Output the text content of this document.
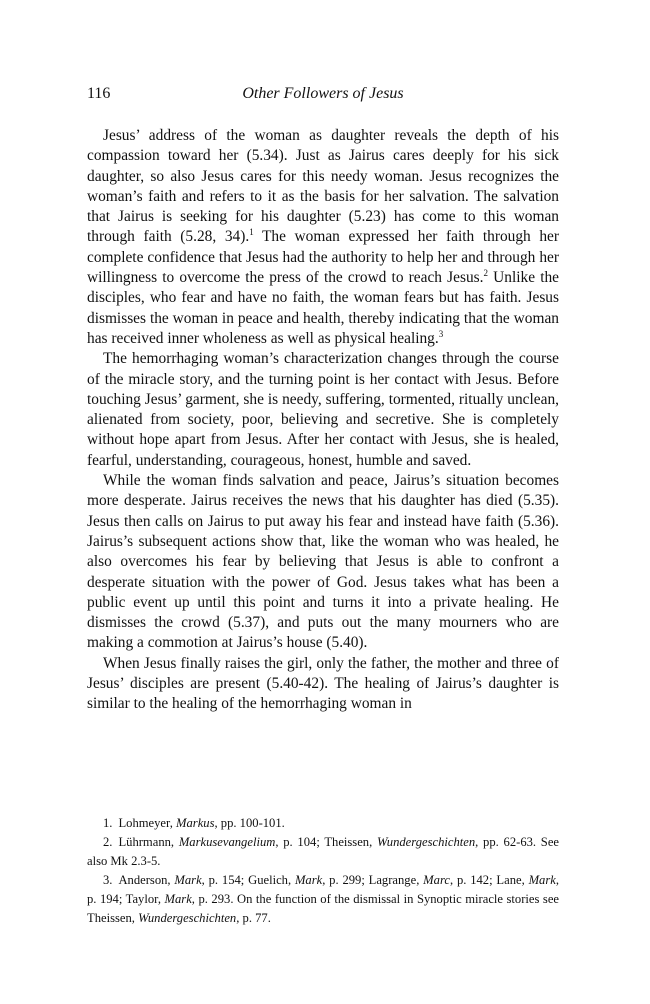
116	Other Followers of Jesus

Jesus’ address of the woman as daughter reveals the depth of his compassion toward her (5.34). Just as Jairus cares deeply for his sick daughter, so also Jesus cares for this needy woman. Jesus recognizes the woman’s faith and refers to it as the basis for her salvation. The salvation that Jairus is seeking for his daughter (5.23) has come to this woman through faith (5.28, 34).$^1$ The woman expressed her faith through her complete confidence that Jesus had the authority to help her and through her willingness to overcome the press of the crowd to reach Jesus.$^2$ Unlike the disciples, who fear and have no faith, the woman fears but has faith. Jesus dismisses the woman in peace and health, thereby indicating that the woman has received inner wholeness as well as physical healing.$^3$

The hemorrhaging woman’s characterization changes through the course of the miracle story, and the turning point is her contact with Jesus. Before touching Jesus’ garment, she is needy, suffering, tormented, ritually unclean, alienated from society, poor, believing and secretive. She is completely without hope apart from Jesus. After her contact with Jesus, she is healed, fearful, understanding, courageous, honest, humble and saved.

While the woman finds salvation and peace, Jairus’s situation becomes more desperate. Jairus receives the news that his daughter has died (5.35). Jesus then calls on Jairus to put away his fear and instead have faith (5.36). Jairus’s subsequent actions show that, like the woman who was healed, he also overcomes his fear by believing that Jesus is able to confront a desperate situation with the power of God. Jesus takes what has been a public event up until this point and turns it into a private healing. He dismisses the crowd (5.37), and puts out the many mourners who are making a commotion at Jairus’s house (5.40).

When Jesus finally raises the girl, only the father, the mother and three of Jesus’ disciples are present (5.40-42). The healing of Jairus’s daughter is similar to the healing of the hemorrhaging woman in

1. Lohmeyer, Markus, pp. 100-101.

2. Lührmann, Markusevangelium, p. 104; Theissen, Wundergeschichten, pp. 62-63. See also Mk 2.3-5.

3. Anderson, Mark, p. 154; Guelich, Mark, p. 299; Lagrange, Marc, p. 142; Lane, Mark, p. 194; Taylor, Mark, p. 293. On the function of the dismissal in Synoptic miracle stories see Theissen, Wundergeschichten, p. 77.
